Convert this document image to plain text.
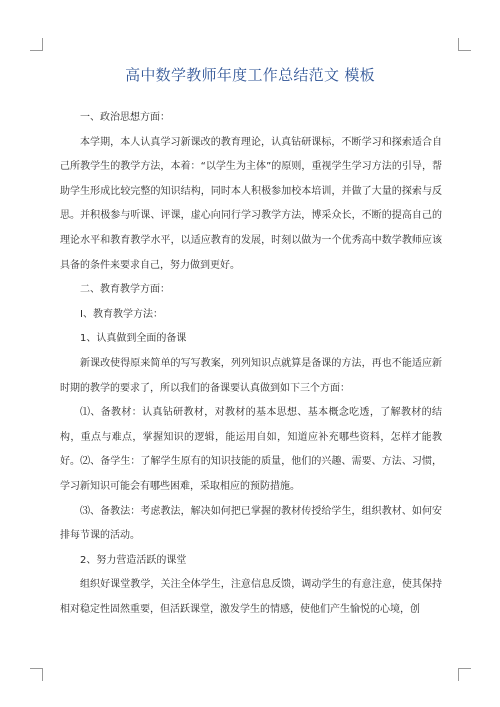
高中数学教师年度工作总结范文 模板

一、政治思想方面：

本学期，本人认真学习新课改的教育理论，认真钻研课标，不断学习和探索适合自己所教学生的教学方法，本着：“以学生为主体”的原则，重视学生学习方法的引导，帮助学生形成比较完整的知识结构，同时本人积极参加校本培训，并做了大量的探索与反思。并积极参与听课、评课，虚心向同行学习教学方法，博采众长，不断的提高自己的理论水平和教育教学水平，以适应教育的发展，时刻以做为一个优秀高中数学教师应该具备的条件来要求自己，努力做到更好。

二、教育教学方面：

I、教育教学方法：

1、认真做到全面的备课

新课改使得原来简单的写写教案，列列知识点就算是备课的方法，再也不能适应新时期的教学的要求了，所以我们的备课要认真做到如下三个方面：

⑴、备教材：认真钻研教材，对教材的基本思想、基本概念吃透，了解教材的结构，重点与难点，掌握知识的逻辑，能运用自如，知道应补充哪些资料，怎样才能教好。⑵、备学生：了解学生原有的知识技能的质量，他们的兴趣、需要、方法、习惯，学习新知识可能会有哪些困难，采取相应的预防措施。

⑶、备教法：考虑教法，解决如何把已掌握的教材传授给学生，组织教材、如何安排每节课的活动。

2、努力营造活跃的课堂

组织好课堂教学，关注全体学生，注意信息反馈，调动学生的有意注意，使其保持相对稳定性固然重要，但活跃课堂，激发学生的情感，使他们产生愉悦的心境，创
